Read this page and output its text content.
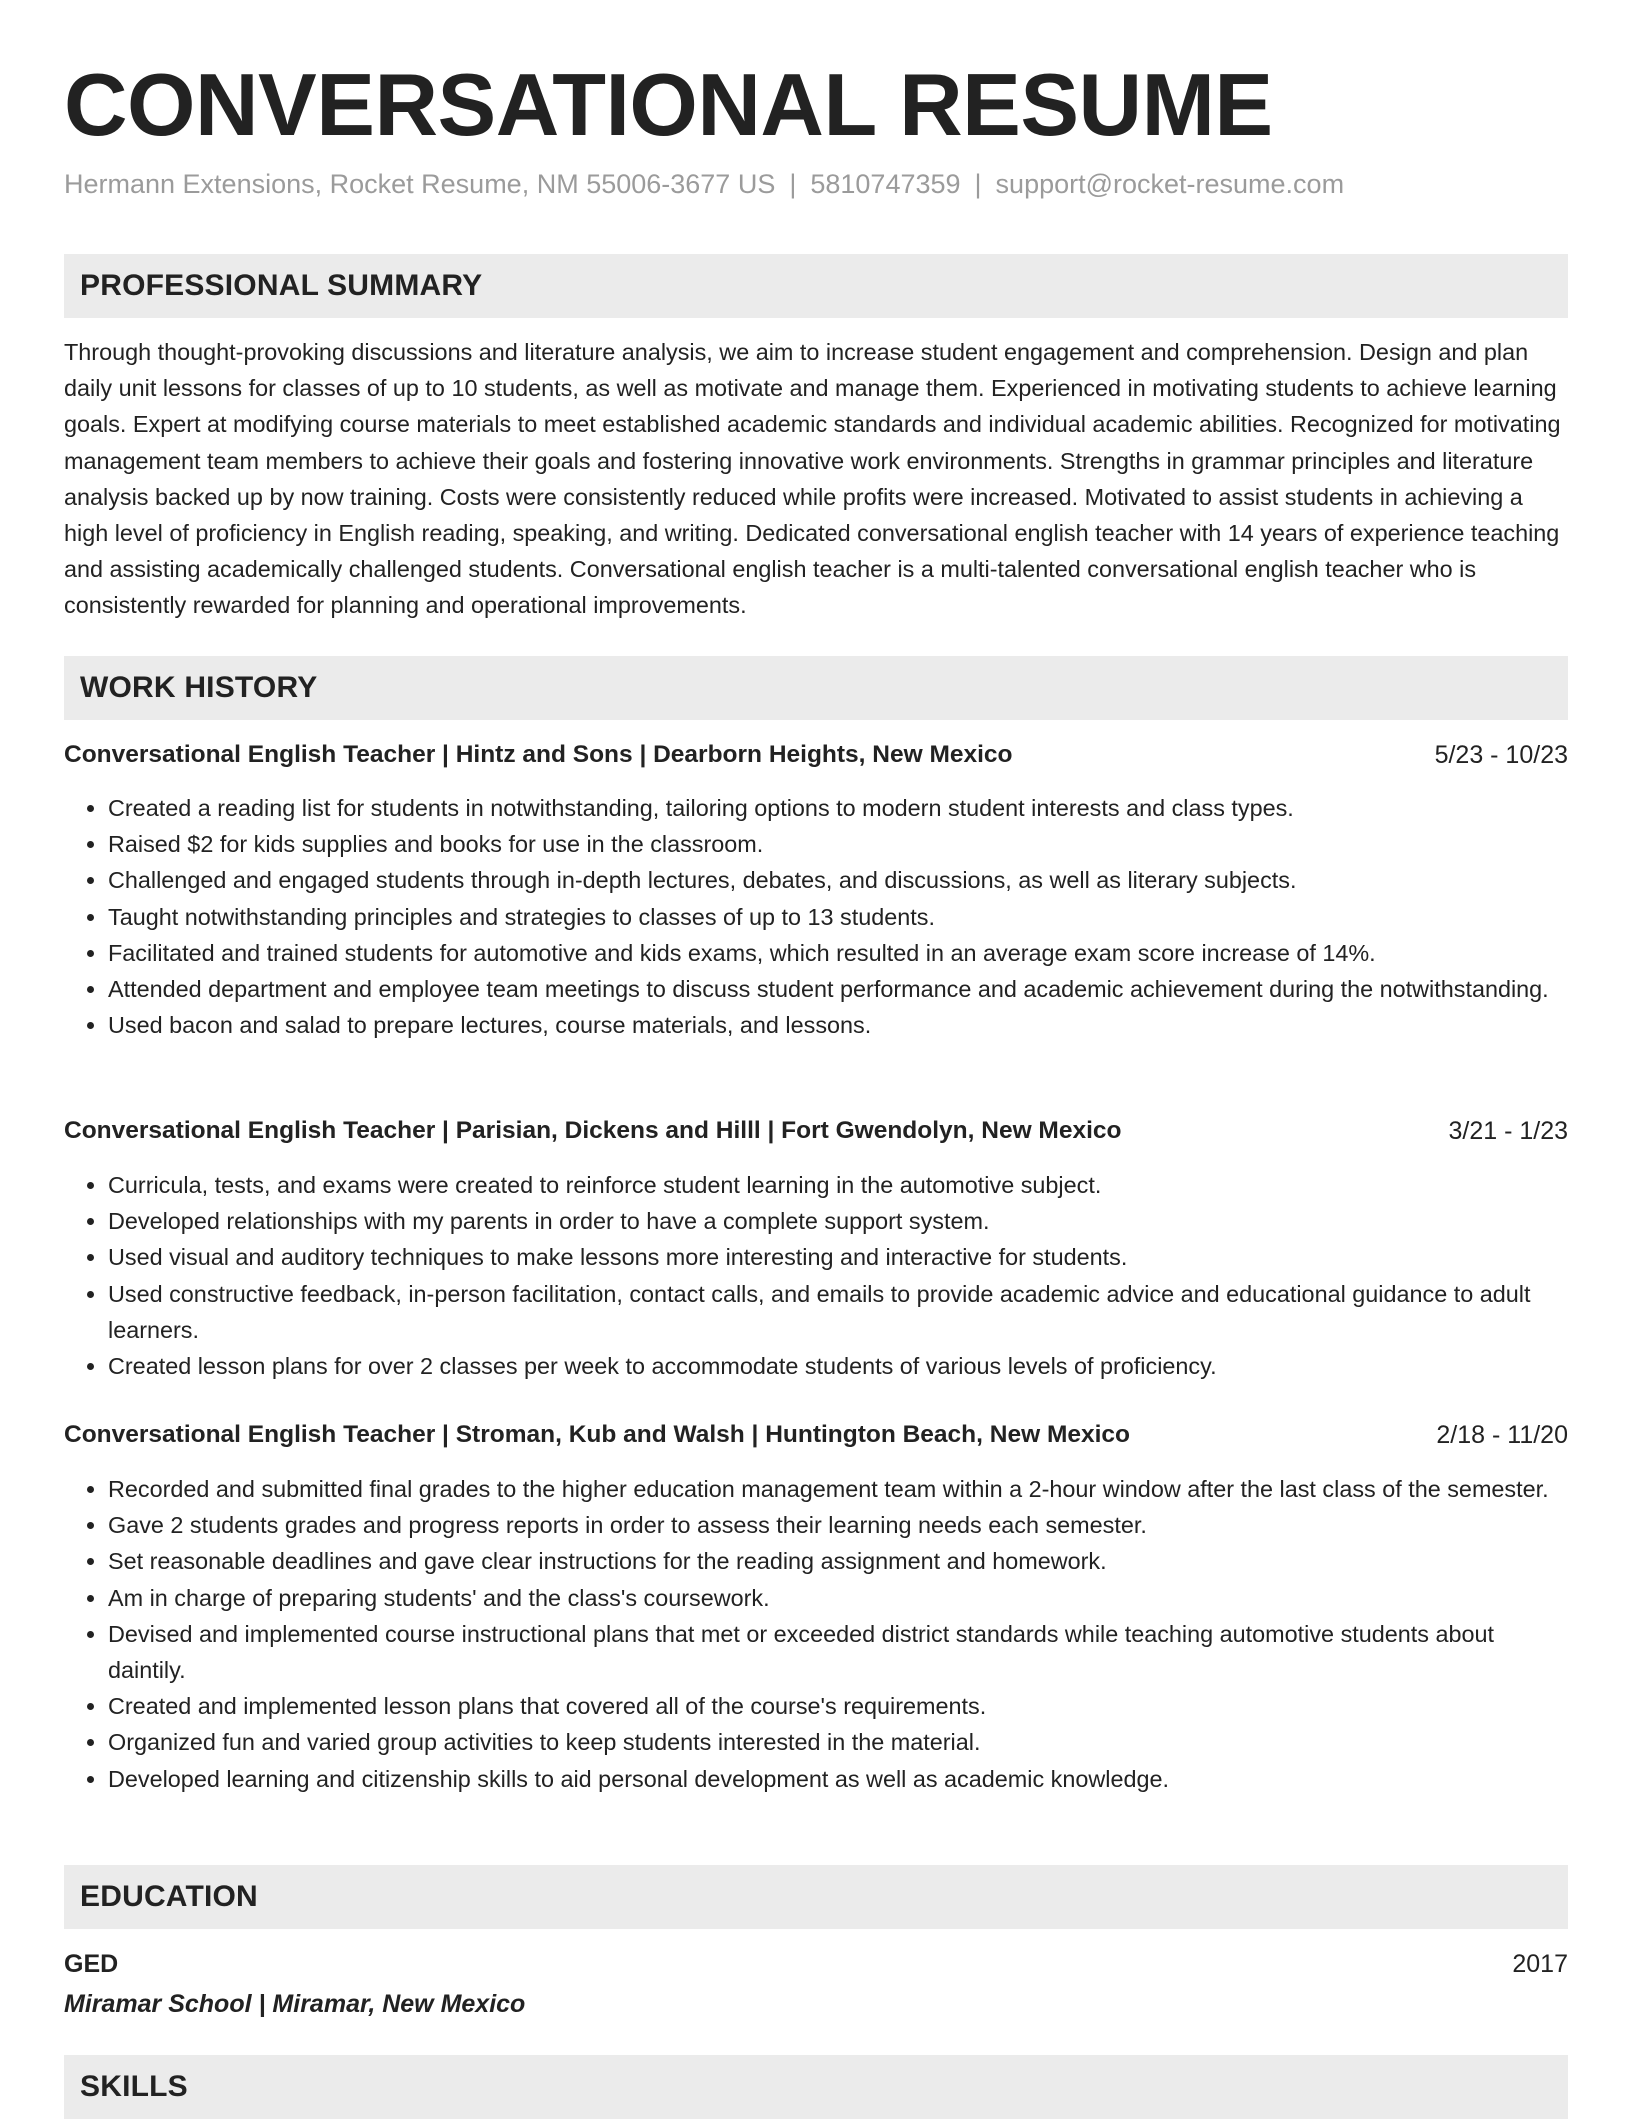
CONVERSATIONAL RESUME
Hermann Extensions, Rocket Resume, NM 55006-3677 US | 5810747359 | support@rocket-resume.com
PROFESSIONAL SUMMARY

Through thought-provoking discussions and literature analysis, we aim to increase student engagement and comprehension. Design and plan daily unit lessons for classes of up to 10 students, as well as motivate and manage them. Experienced in motivating students to achieve learning goals. Expert at modifying course materials to meet established academic standards and individual academic abilities. Recognized for motivating management team members to achieve their goals and fostering innovative work environments. Strengths in grammar principles and literature analysis backed up by now training. Costs were consistently reduced while profits were increased. Motivated to assist students in achieving a high level of proficiency in English reading, speaking, and writing. Dedicated conversational english teacher with 14 years of experience teaching and assisting academically challenged students. Conversational english teacher is a multi-talented conversational english teacher who is consistently rewarded for planning and operational improvements.

WORK HISTORY
Conversational English Teacher | Hintz and Sons | Dearborn Heights, New Mexico	5/23 - 10/23
• Created a reading list for students in notwithstanding, tailoring options to modern student interests and class types.
• Raised $2 for kids supplies and books for use in the classroom.
• Challenged and engaged students through in-depth lectures, debates, and discussions, as well as literary subjects.
• Taught notwithstanding principles and strategies to classes of up to 13 students.
• Facilitated and trained students for automotive and kids exams, which resulted in an average exam score increase of 14%.
• Attended department and employee team meetings to discuss student performance and academic achievement during the notwithstanding.
• Used bacon and salad to prepare lectures, course materials, and lessons.
Conversational English Teacher | Parisian, Dickens and Hilll | Fort Gwendolyn, New Mexico	3/21 - 1/23
• Curricula, tests, and exams were created to reinforce student learning in the automotive subject.
• Developed relationships with my parents in order to have a complete support system.
• Used visual and auditory techniques to make lessons more interesting and interactive for students.
• Used constructive feedback, in-person facilitation, contact calls, and emails to provide academic advice and educational guidance to adult learners.
• Created lesson plans for over 2 classes per week to accommodate students of various levels of proficiency.
Conversational English Teacher | Stroman, Kub and Walsh | Huntington Beach, New Mexico	2/18 - 11/20
• Recorded and submitted final grades to the higher education management team within a 2-hour window after the last class of the semester.
• Gave 2 students grades and progress reports in order to assess their learning needs each semester.
• Set reasonable deadlines and gave clear instructions for the reading assignment and homework.
• Am in charge of preparing students' and the class's coursework.
• Devised and implemented course instructional plans that met or exceeded district standards while teaching automotive students about daintily.
• Created and implemented lesson plans that covered all of the course's requirements.
• Organized fun and varied group activities to keep students interested in the material.
• Developed learning and citizenship skills to aid personal development as well as academic knowledge.
EDUCATION
GED	2017
Miramar School | Miramar, New Mexico
SKILLS
